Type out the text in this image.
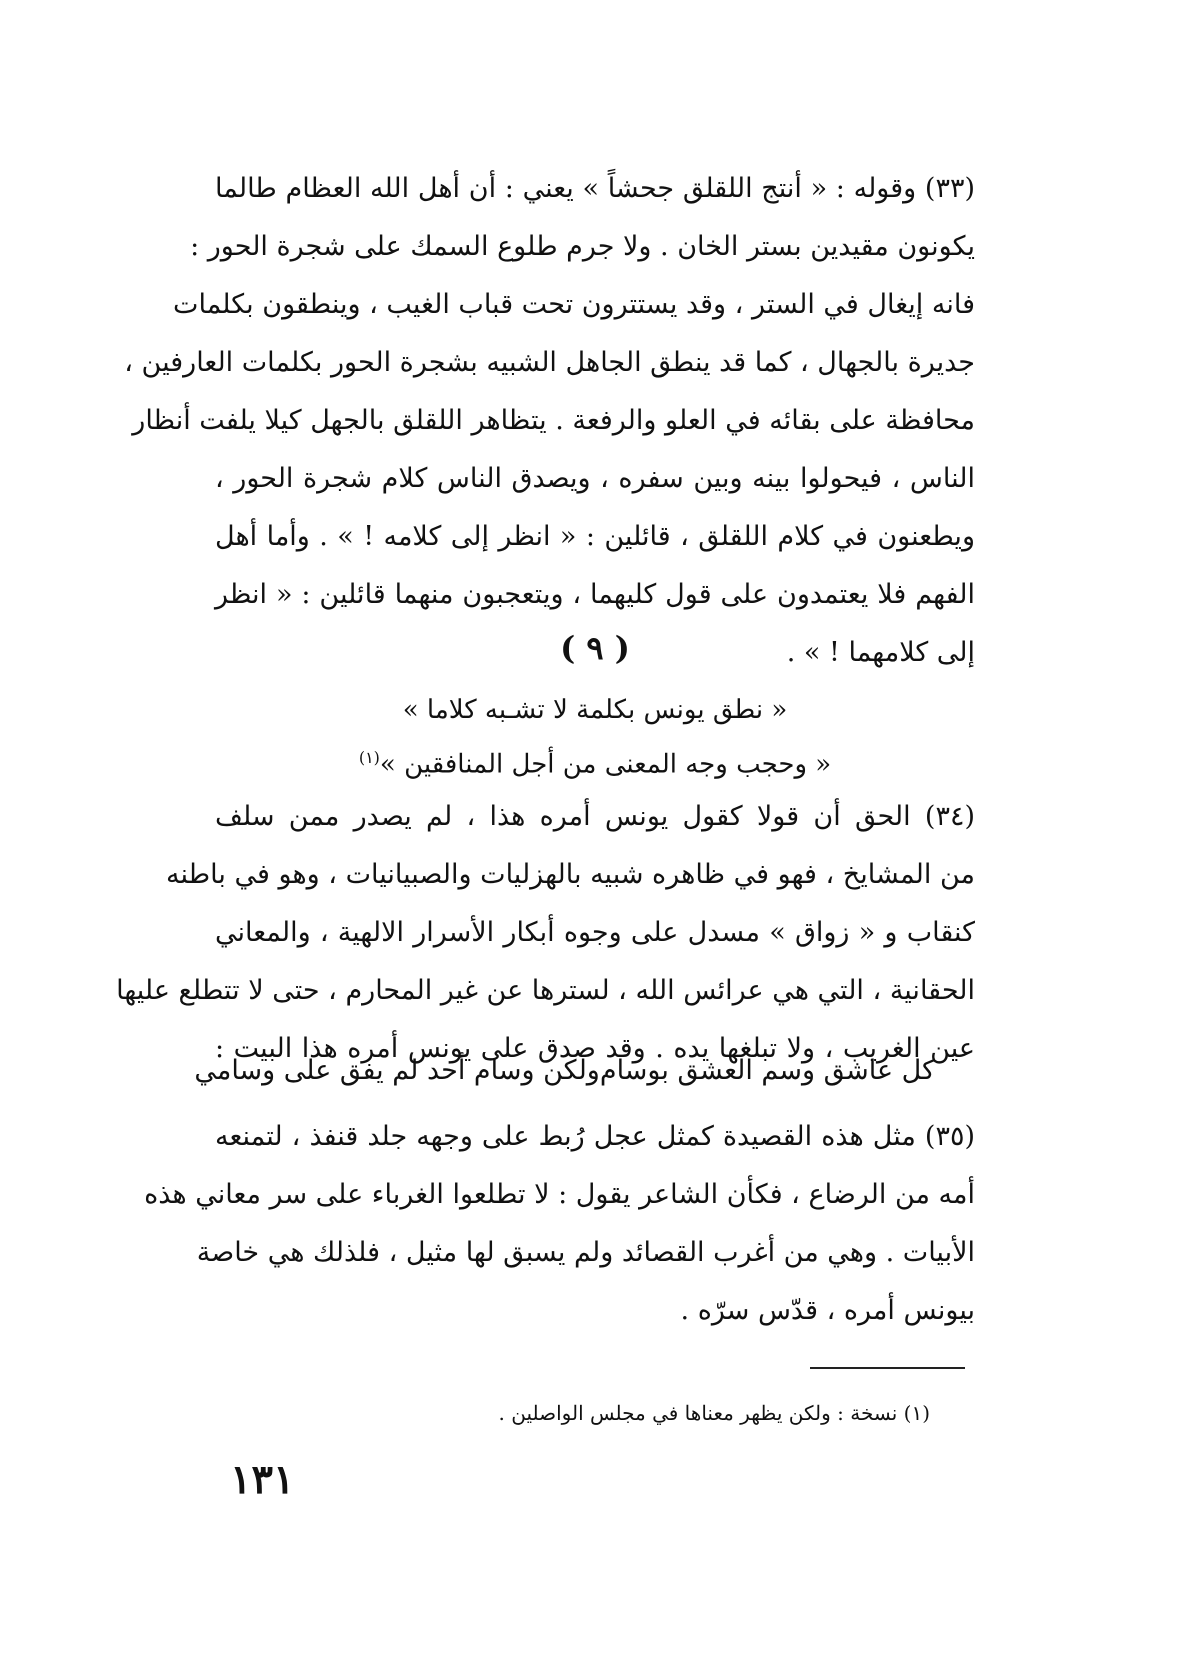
(٣٣) وقوله : « أنتج اللقلق جحشاً » يعني : أن أهل الله العظام طالما
يكونون مقيدين بستر الخان . ولا جرم طلوع السمك على شجرة الحور :
فانه إيغال في الستر ، وقد يستترون تحت قباب الغيب ، وينطقون بكلمات
جديرة بالجهال ، كما قد ينطق الجاهل الشبيه بشجرة الحور بكلمات العارفين ،
محافظة على بقائه في العلو والرفعة . يتظاهر اللقلق بالجهل كيلا يلفت أنظار
الناس ، فيحولوا بينه وبين سفره ، ويصدق الناس كلام شجرة الحور ،
ويطعنون في كلام اللقلق ، قائلين : « انظر إلى كلامه ! » . وأما أهل
الفهم فلا يعتمدون على قول كليهما ، ويتعجبون منهما قائلين : « انظر
إلى كلامهما ! » .
( ٩ )
« نطق يونس بكلمة لا تشـبه كلاما »
« وحجب وجه المعنى من أجل المنافقين »$^{(١)}$
(٣٤) الحق أن قولا كقول يونس أمره هذا ، لم يصدر ممن سلف
من المشايخ ، فهو في ظاهره شبيه بالهزليات والصبيانيات ، وهو في باطنه
كنقاب و « زواق » مسدل على وجوه أبكار الأسرار الالهية ، والمعاني
الحقانية ، التي هي عرائس الله ، لسترها عن غير المحارم ، حتى لا تتطلع عليها
عين الغريب ، ولا تبلغها يده . وقد صدق على يونس أمره هذا البيت :
كل عاشق وسم العشق بوسام
ولكن وسام أحد لم يفق على وسامي
(٣٥) مثل هذه القصيدة كمثل عجل رُبط على وجهه جلد قنفذ ، لتمنعه
أمه من الرضاع ، فكأن الشاعر يقول : لا تطلعوا الغرباء على سر معاني هذه
الأبيات . وهي من أغرب القصائد ولم يسبق لها مثيل ، فلذلك هي خاصة
بيونس أمره ، قدّس سرّه .
(١) نسخة : ولكن يظهر معناها في مجلس الواصلين .
١٣١
